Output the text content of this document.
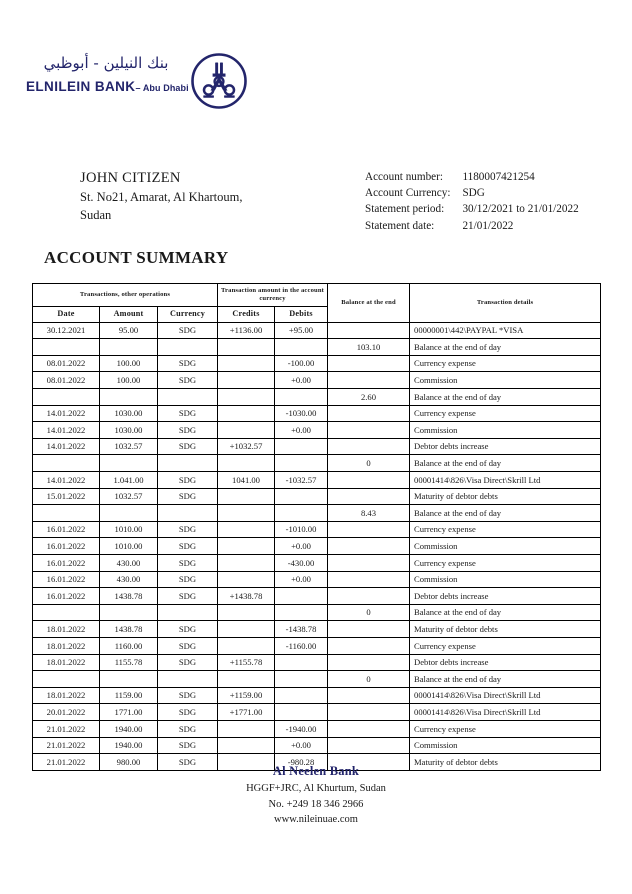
بنك النيلين - أبوظبي
ELNILEIN BANK– Abu Dhabi
JOHN CITIZEN
St. No21, Amarat, Al Khartoum,
Sudan
Account number:	1180007421254
Account Currency:	SDG
Statement period:	30/12/2021 to 21/01/2022
Statement date:	21/01/2022
ACCOUNT SUMMARY
Transactions, other operations			Transaction amount in the account currency		Balance at the end	Transaction details
Date	Amount	Currency	Credits	Debits		
30.12.2021	95.00	SDG	+1136.00	+95.00		00000001\442\PAYPAL *VISA
					103.10	Balance at the end of day
08.01.2022	100.00	SDG		-100.00		Currency expense
08.01.2022	100.00	SDG		+0.00		Commission
					2.60	Balance at the end of day
14.01.2022	1030.00	SDG		-1030.00		Currency expense
14.01.2022	1030.00	SDG		+0.00		Commission
14.01.2022	1032.57	SDG	+1032.57			Debtor debts increase
					0	Balance at the end of day
14.01.2022	1.041.00	SDG	1041.00	-1032.57		00001414\826\Visa Direct\Skrill Ltd
15.01.2022	1032.57	SDG				Maturity of debtor debts
					8.43	Balance at the end of day
16.01.2022	1010.00	SDG		-1010.00		Currency expense
16.01.2022	1010.00	SDG		+0.00		Commission
16.01.2022	430.00	SDG		-430.00		Currency expense
16.01.2022	430.00	SDG		+0.00		Commission
16.01.2022	1438.78	SDG	+1438.78			Debtor debts increase
					0	Balance at the end of day
18.01.2022	1438.78	SDG		-1438.78		Maturity of debtor debts
18.01.2022	1160.00	SDG		-1160.00		Currency expense
18.01.2022	1155.78	SDG	+1155.78			Debtor debts increase
					0	Balance at the end of day
18.01.2022	1159.00	SDG	+1159.00			00001414\826\Visa Direct\Skrill Ltd
20.01.2022	1771.00	SDG	+1771.00			00001414\826\Visa Direct\Skrill Ltd
21.01.2022	1940.00	SDG		-1940.00		Currency expense
21.01.2022	1940.00	SDG		+0.00		Commission
21.01.2022	980.00	SDG		-980.28		Maturity of debtor debts
Al Neelen Bank
HGGF+JRC, Al Khurtum, Sudan
No. +249 18 346 2966
www.nileinuae.com
